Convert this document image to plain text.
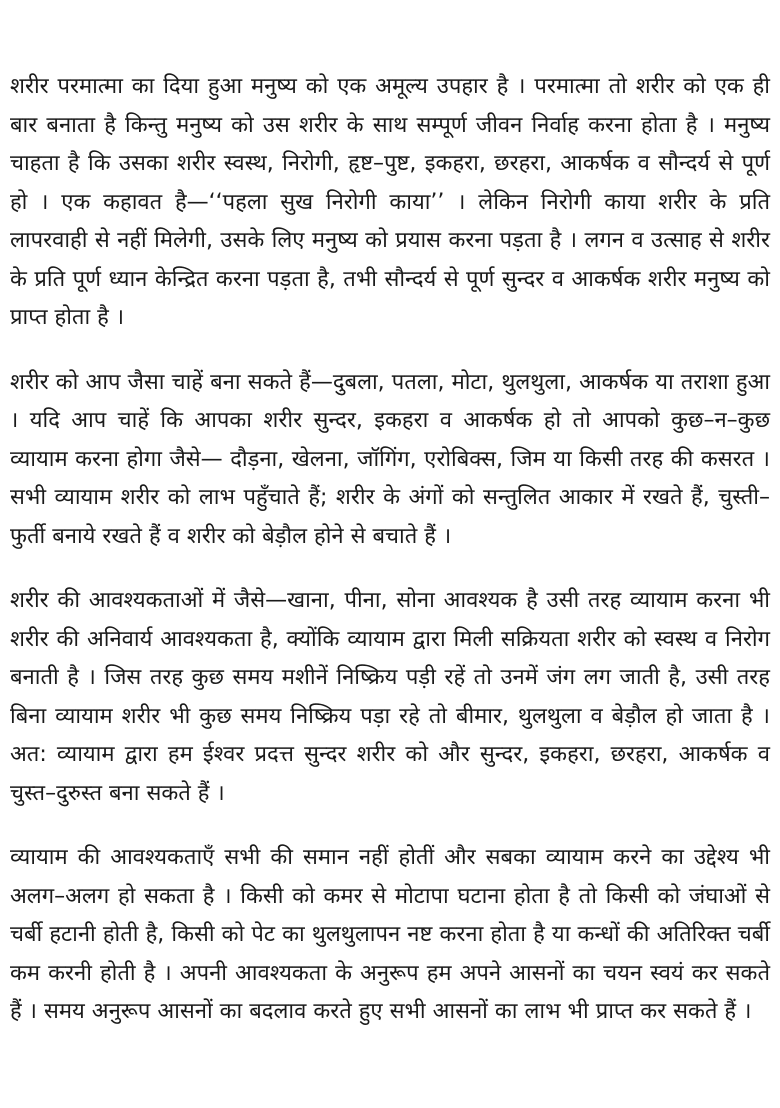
शरीर परमात्मा का दिया हुआ मनुष्य को एक अमूल्य उपहार है । परमात्मा तो शरीर को एक ही बार बनाता है किन्तु मनुष्य को उस शरीर के साथ सम्पूर्ण जीवन निर्वाह करना होता है । मनुष्य चाहता है कि उसका शरीर स्वस्थ, निरोगी, हृष्ट–पुष्ट, इकहरा, छरहरा, आकर्षक व सौन्दर्य से पूर्ण हो । एक कहावत है—‘‘पहला सुख निरोगी काया’’ । लेकिन निरोगी काया शरीर के प्रति लापरवाही से नहीं मिलेगी, उसके लिए मनुष्य को प्रयास करना पड़ता है । लगन व उत्साह से शरीर के प्रति पूर्ण ध्यान केन्द्रित करना पड़ता है, तभी सौन्दर्य से पूर्ण सुन्दर व आकर्षक शरीर मनुष्य को प्राप्त होता है ।

शरीर को आप जैसा चाहें बना सकते हैं—दुबला, पतला, मोटा, थुलथुला, आकर्षक या तराशा हुआ । यदि आप चाहें कि आपका शरीर सुन्दर, इकहरा व आकर्षक हो तो आपको कुछ–न–कुछ व्यायाम करना होगा जैसे— दौड़ना, खेलना, जॉगिंग, एरोबिक्स, जिम या किसी तरह की कसरत । सभी व्यायाम शरीर को लाभ पहुँचाते हैं; शरीर के अंगों को सन्तुलित आकार में रखते हैं, चुस्ती–फुर्ती बनाये रखते हैं व शरीर को बेड़ौल होने से बचाते हैं ।

शरीर की आवश्यकताओं में जैसे—खाना, पीना, सोना आवश्यक है उसी तरह व्यायाम करना भी शरीर की अनिवार्य आवश्यकता है, क्योंकि व्यायाम द्वारा मिली सक्रियता शरीर को स्वस्थ व निरोग बनाती है । जिस तरह कुछ समय मशीनें निष्क्रिय पड़ी रहें तो उनमें जंग लग जाती है, उसी तरह बिना व्यायाम शरीर भी कुछ समय निष्क्रिय पड़ा रहे तो बीमार, थुलथुला व बेड़ौल हो जाता है । अत: व्यायाम द्वारा हम ईश्वर प्रदत्त सुन्दर शरीर को और सुन्दर, इकहरा, छरहरा, आकर्षक व चुस्त–दुरुस्त बना सकते हैं ।

व्यायाम की आवश्यकताएँ सभी की समान नहीं होतीं और सबका व्यायाम करने का उद्देश्य भी अलग–अलग हो सकता है । किसी को कमर से मोटापा घटाना होता है तो किसी को जंघाओं से चर्बी हटानी होती है, किसी को पेट का थुलथुलापन नष्ट करना होता है या कन्धों की अतिरिक्त चर्बी कम करनी होती है । अपनी आवश्यकता के अनुरूप हम अपने आसनों का चयन स्वयं कर सकते हैं । समय अनुरूप आसनों का बदलाव करते हुए सभी आसनों का लाभ भी प्राप्त कर सकते हैं ।
